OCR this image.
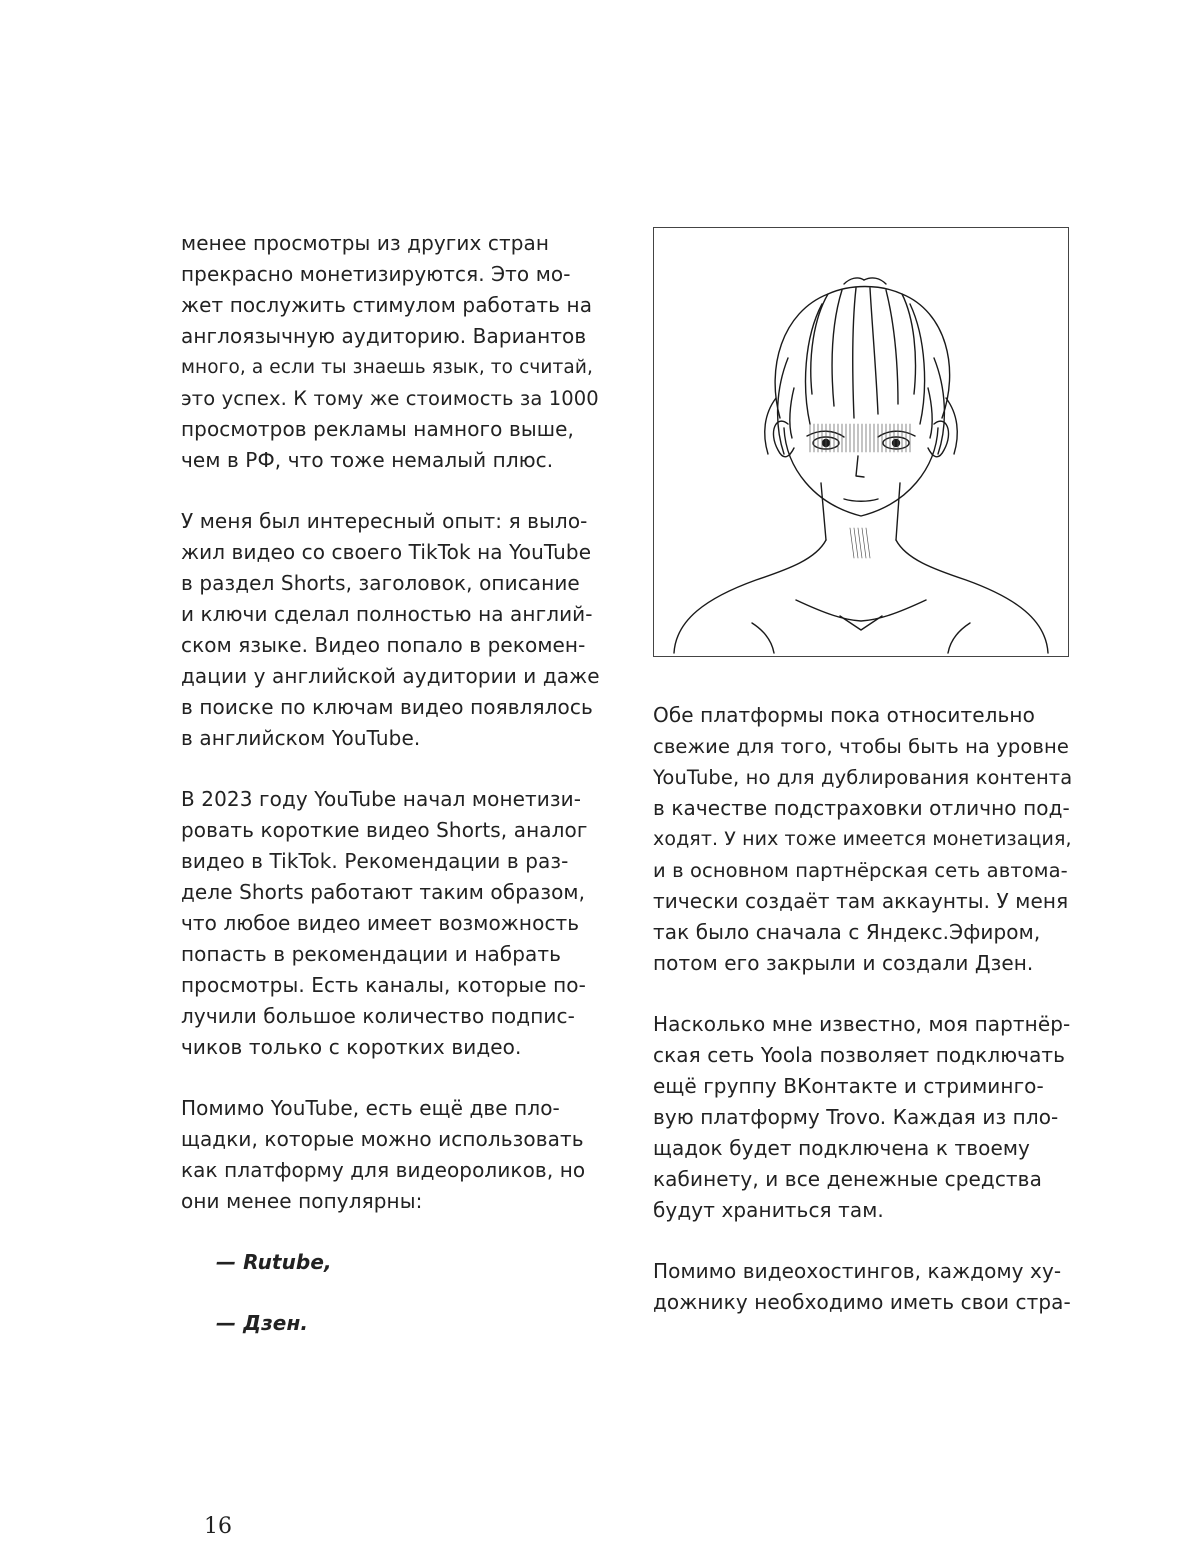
менее просмотры из других стран
прекрасно монетизируются. Это мо-
жет послужить стимулом работать на
англоязычную аудиторию. Вариантов
много, а если ты знаешь язык, то считай,
это успех. К тому же стоимость за 1000
просмотров рекламы намного выше,
чем в РФ, что тоже немалый плюс.
У меня был интересный опыт: я выло-
жил видео со своего TikTok на YouTube
в раздел Shorts, заголовок, описание
и ключи сделал полностью на англий-
ском языке. Видео попало в рекомен-
дации у английской аудитории и даже
в поиске по ключам видео появлялось
в английском YouTube.
В 2023 году YouTube начал монетизи-
ровать короткие видео Shorts, аналог
видео в TikTok. Рекомендации в раз-
деле Shorts работают таким образом,
что любое видео имеет возможность
попасть в рекомендации и набрать
просмотры. Есть каналы, которые по-
лучили большое количество подпис-
чиков только с коротких видео.
Помимо YouTube, есть ещё две пло-
щадки, которые можно использовать
как платформу для видеороликов, но
они менее популярны:
— Rutube,
— Дзен.
Обе платформы пока относительно
свежие для того, чтобы быть на уровне
YouTube, но для дублирования контента
в качестве подстраховки отлично под-
ходят. У них тоже имеется монетизация,
и в основном партнёрская сеть автома-
тически создаёт там аккаунты. У меня
так было сначала с Яндекс.Эфиром,
потом его закрыли и создали Дзен.
Насколько мне известно, моя партнёр-
ская сеть Yoola позволяет подключать
ещё группу ВКонтакте и стриминго-
вую платформу Trovo. Каждая из пло-
щадок будет подключена к твоему
кабинету, и все денежные средства
будут храниться там.
Помимо видеохостингов, каждому ху-
дожнику необходимо иметь свои стра-
16
